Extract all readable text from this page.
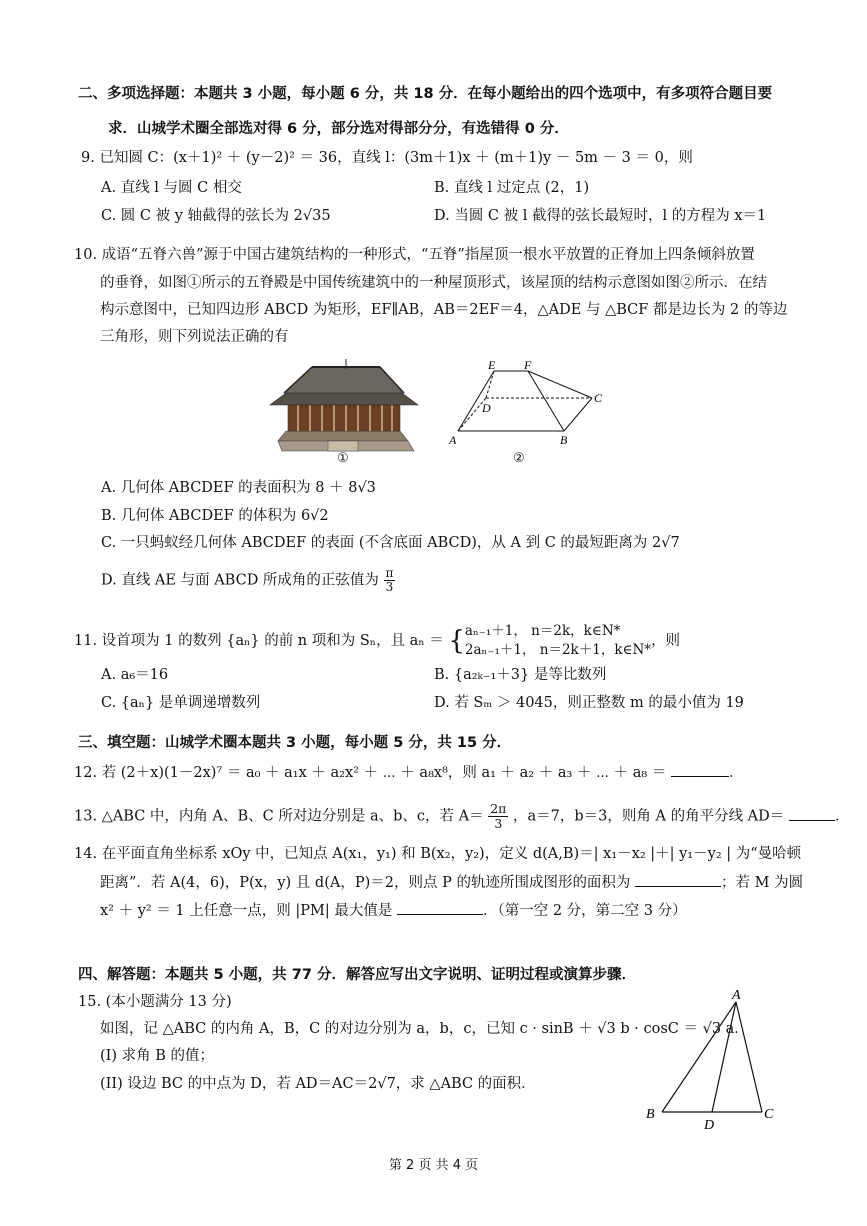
二、多项选择题：本题共 3 小题，每小题 6 分，共 18 分．在每小题给出的四个选项中，有多项符合题目要
求．山城学术圈全部选对得 6 分，部分选对得部分分，有选错得 0 分．
9. 已知圆 C：(x＋1)² ＋ (y－2)² ＝ 36，直线 l：(3m＋1)x ＋ (m＋1)y － 5m － 3 ＝ 0，则
A. 直线 l 与圆 C 相交	B. 直线 l 过定点 (2，1)
C. 圆 C 被 y 轴截得的弦长为 2√35	D. 当圆 C 被 l 截得的弦长最短时，l 的方程为 x＝1
10. 成语“五脊六兽”源于中国古建筑结构的一种形式，“五脊”指屋顶一根水平放置的正脊加上四条倾斜放置
的垂脊，如图①所示的五脊殿是中国传统建筑中的一种屋顶形式，该屋顶的结构示意图如图②所示．在结
构示意图中，已知四边形 ABCD 为矩形，EF∥AB，AB＝2EF＝4，△ADE 与 △BCF 都是边长为 2 的等边
三角形，则下列说法正确的有
①
E F
D
C
A	B
②
A. 几何体 ABCDEF 的表面积为 8 ＋ 8√3
B. 几何体 ABCDEF 的体积为 6√2
C. 一只蚂蚁经几何体 ABCDEF 的表面 (不含底面 ABCD)，从 A 到 C 的最短距离为 2√7
D. 直线 AE 与面 ABCD 所成角的正弦值为 $\frac{\pi}{3}$
11. 设首项为 1 的数列 {aₙ} 的前 n 项和为 Sₙ，且 aₙ ＝ { aₙ₋₁＋1， n＝2k，k∈N*
2aₙ₋₁＋1， n＝2k＋1，k∈N*
，则
A. a₆＝16	B. {a₂ₖ₋₁＋3} 是等比数列
C. {aₙ} 是单调递增数列	D. 若 Sₘ ＞ 4045，则正整数 m 的最小值为 19
三、填空题：山城学术圈本题共 3 小题，每小题 5 分，共 15 分．
12. 若 (2＋x)(1－2x)⁷ ＝ a₀ ＋ a₁x ＋ a₂x² ＋ ⋯ ＋ a₈x⁸，则 a₁ ＋ a₂ ＋ a₃ ＋ ⋯ ＋ a₈ ＝	．
13. △ABC 中，内角 A、B、C 所对边分别是 a、b、c，若 $A= \frac{2\pi}{3}$ ，a＝7，b＝3，则角 A 的角平分线 AD＝	．
14. 在平面直角坐标系 xOy 中，已知点 A(x₁，y₁) 和 B(x₂，y₂)，定义 d(A,B)＝| x₁－x₂ |＋| y₁－y₂ | 为“曼哈顿
距离”．若 A(4，6)，P(x，y) 且 d(A，P)＝2，则点 P 的轨迹所围成图形的面积为	；若 M 为圆
x² ＋ y² ＝ 1 上任意一点，则 |PM| 最大值是	．（第一空 2 分，第二空 3 分）
四、解答题：本题共 5 小题，共 77 分．解答应写出文字说明、证明过程或演算步骤．
15. (本小题满分 13 分)
如图，记 △ABC 的内角 A，B，C 的对边分别为 a，b，c，已知 c · sinB ＋ √3 b · cosC ＝ √3 a．
(I) 求角 B 的值；
(II) 设边 BC 的中点为 D，若 AD＝AC＝2√7，求 △ABC 的面积．
A
B	C
D
第 2 页 共 4 页
